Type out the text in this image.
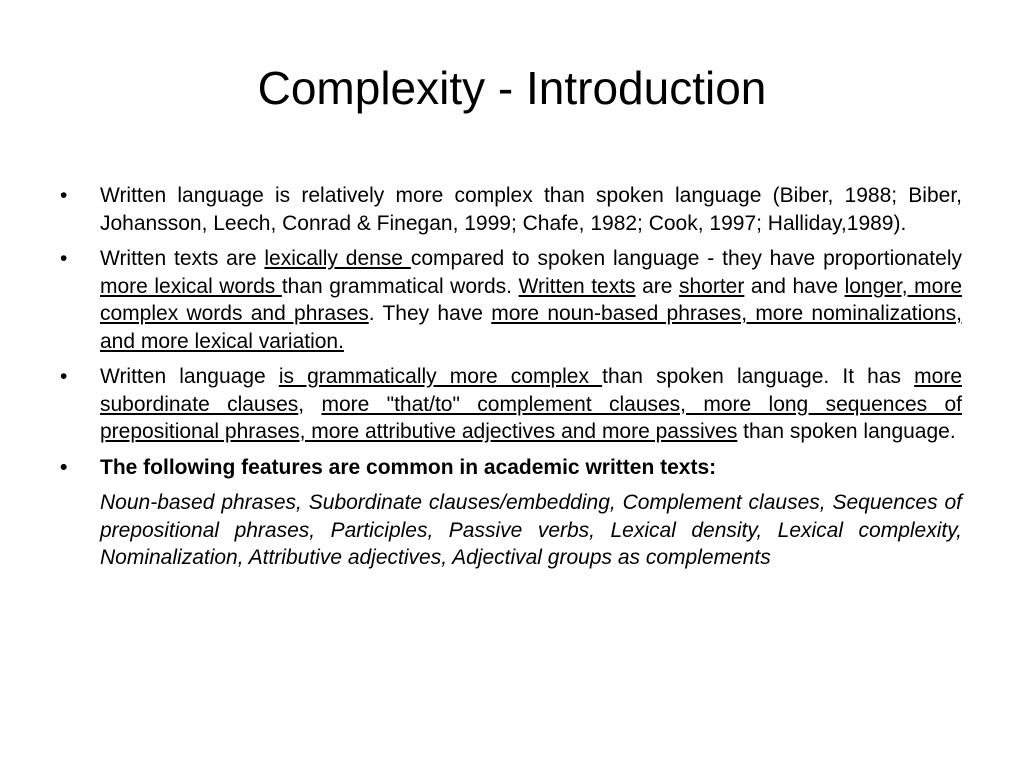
Complexity - Introduction
•	Written language is relatively more complex than spoken language (Biber, 1988; Biber, Johansson, Leech, Conrad & Finegan, 1999; Chafe, 1982; Cook, 1997; Halliday,1989).
•	Written texts are lexically dense compared to spoken language - they have proportionately more lexical words than grammatical words. Written texts are shorter and have longer, more complex words and phrases. They have more noun-based phrases, more nominalizations, and more lexical variation.
•	Written language is grammatically more complex than spoken language. It has more subordinate clauses, more "that/to" complement clauses, more long sequences of prepositional phrases, more attributive adjectives and more passives than spoken language.
•	The following features are common in academic written texts:
Noun-based phrases, Subordinate clauses/embedding, Complement clauses, Sequences of prepositional phrases, Participles, Passive verbs, Lexical density, Lexical complexity, Nominalization, Attributive adjectives, Adjectival groups as complements
